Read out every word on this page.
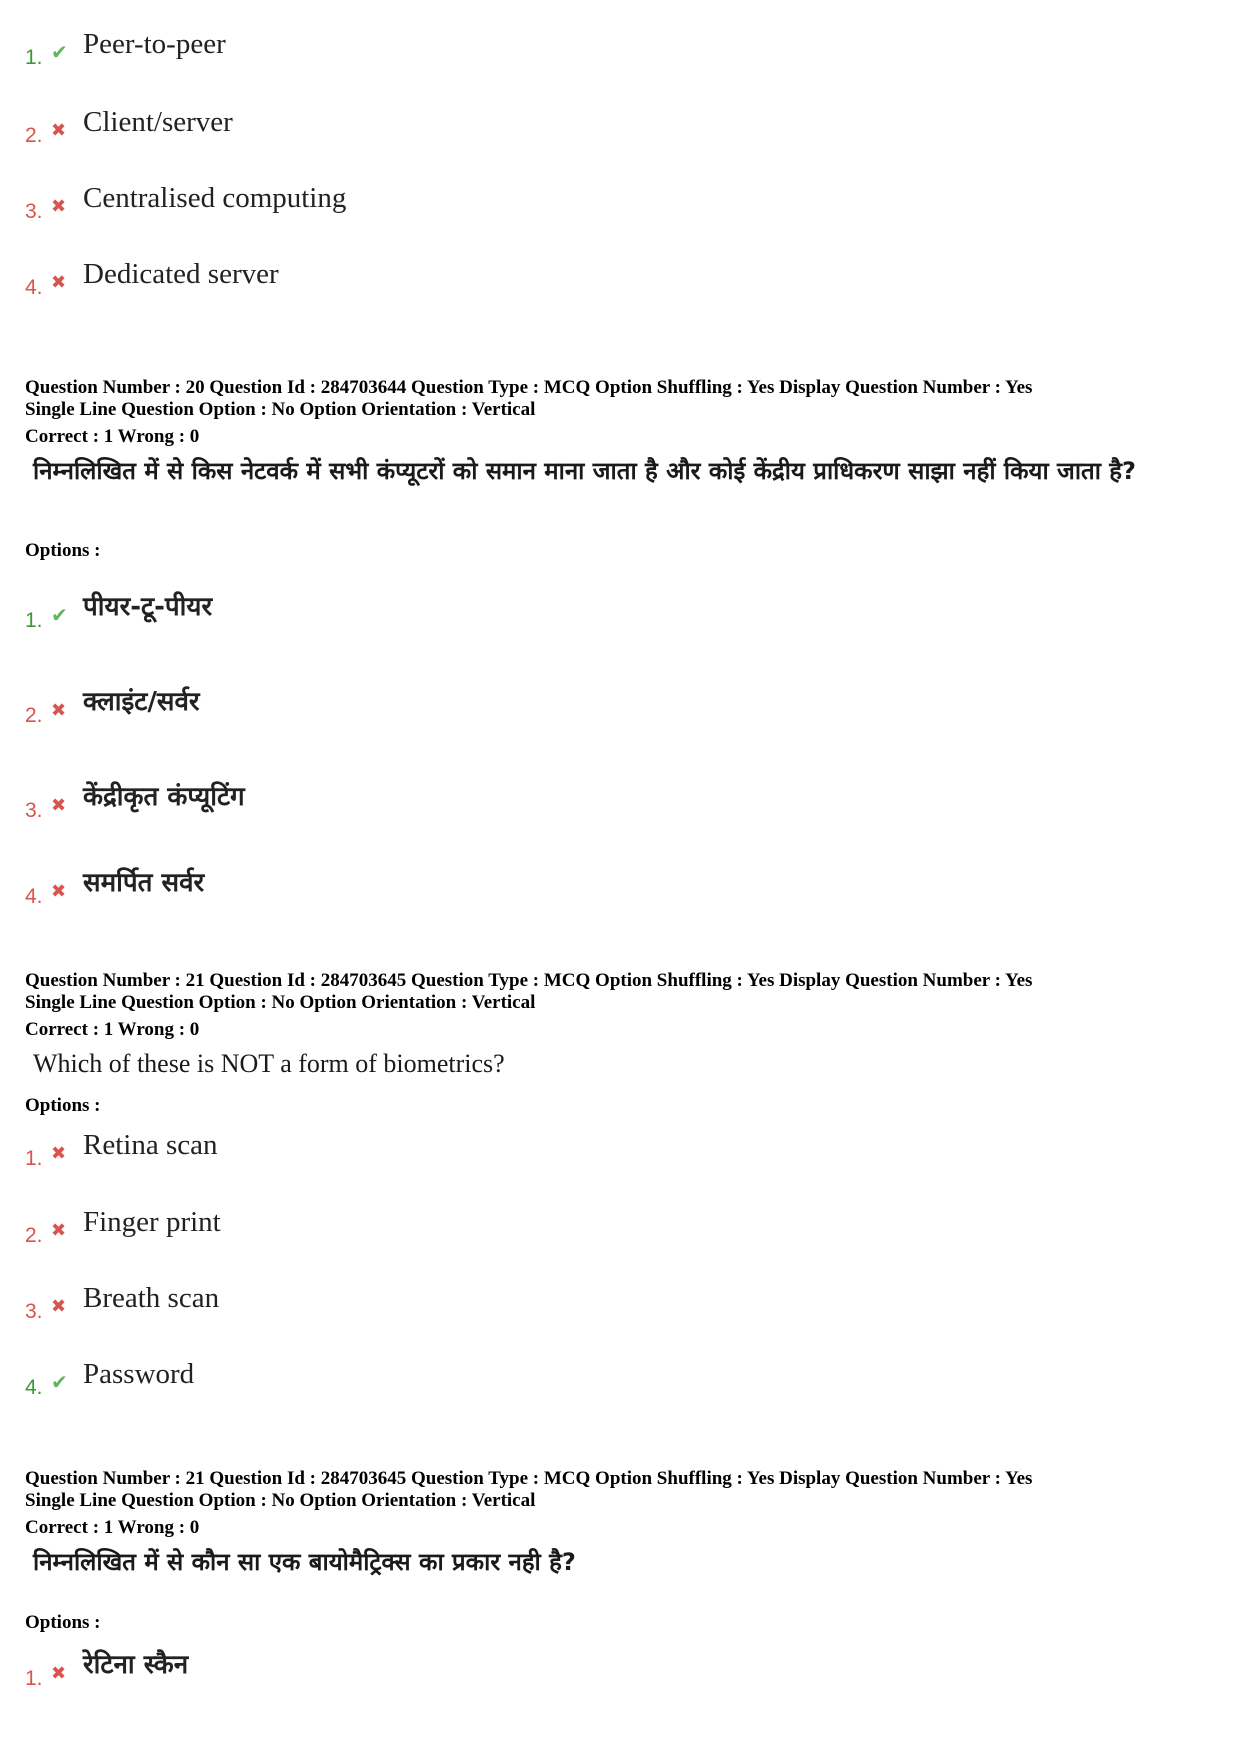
1. ✔ Peer-to-peer
2. ✖ Client/server
3. ✖ Centralised computing
4. ✖ Dedicated server
Question Number : 20 Question Id : 284703644 Question Type : MCQ Option Shuffling : Yes Display Question Number : Yes
Single Line Question Option : No Option Orientation : Vertical
Correct : 1 Wrong : 0
निम्नलिखित में से किस नेटवर्क में सभी कंप्यूटरों को समान माना जाता है और कोई केंद्रीय प्राधिकरण साझा नहीं किया जाता है?
Options :
1. ✔ पीयर-टू-पीयर
2. ✖ क्लाइंट/सर्वर
3. ✖ केंद्रीकृत कंप्यूटिंग
4. ✖ समर्पित सर्वर
Question Number : 21 Question Id : 284703645 Question Type : MCQ Option Shuffling : Yes Display Question Number : Yes
Single Line Question Option : No Option Orientation : Vertical
Correct : 1 Wrong : 0
Which of these is NOT a form of biometrics?
Options :
1. ✖ Retina scan
2. ✖ Finger print
3. ✖ Breath scan
4. ✔ Password
Question Number : 21 Question Id : 284703645 Question Type : MCQ Option Shuffling : Yes Display Question Number : Yes
Single Line Question Option : No Option Orientation : Vertical
Correct : 1 Wrong : 0
निम्नलिखित में से कौन सा एक बायोमैट्रिक्स का प्रकार नही है?
Options :
1. ✖ रेटिना स्कैन
